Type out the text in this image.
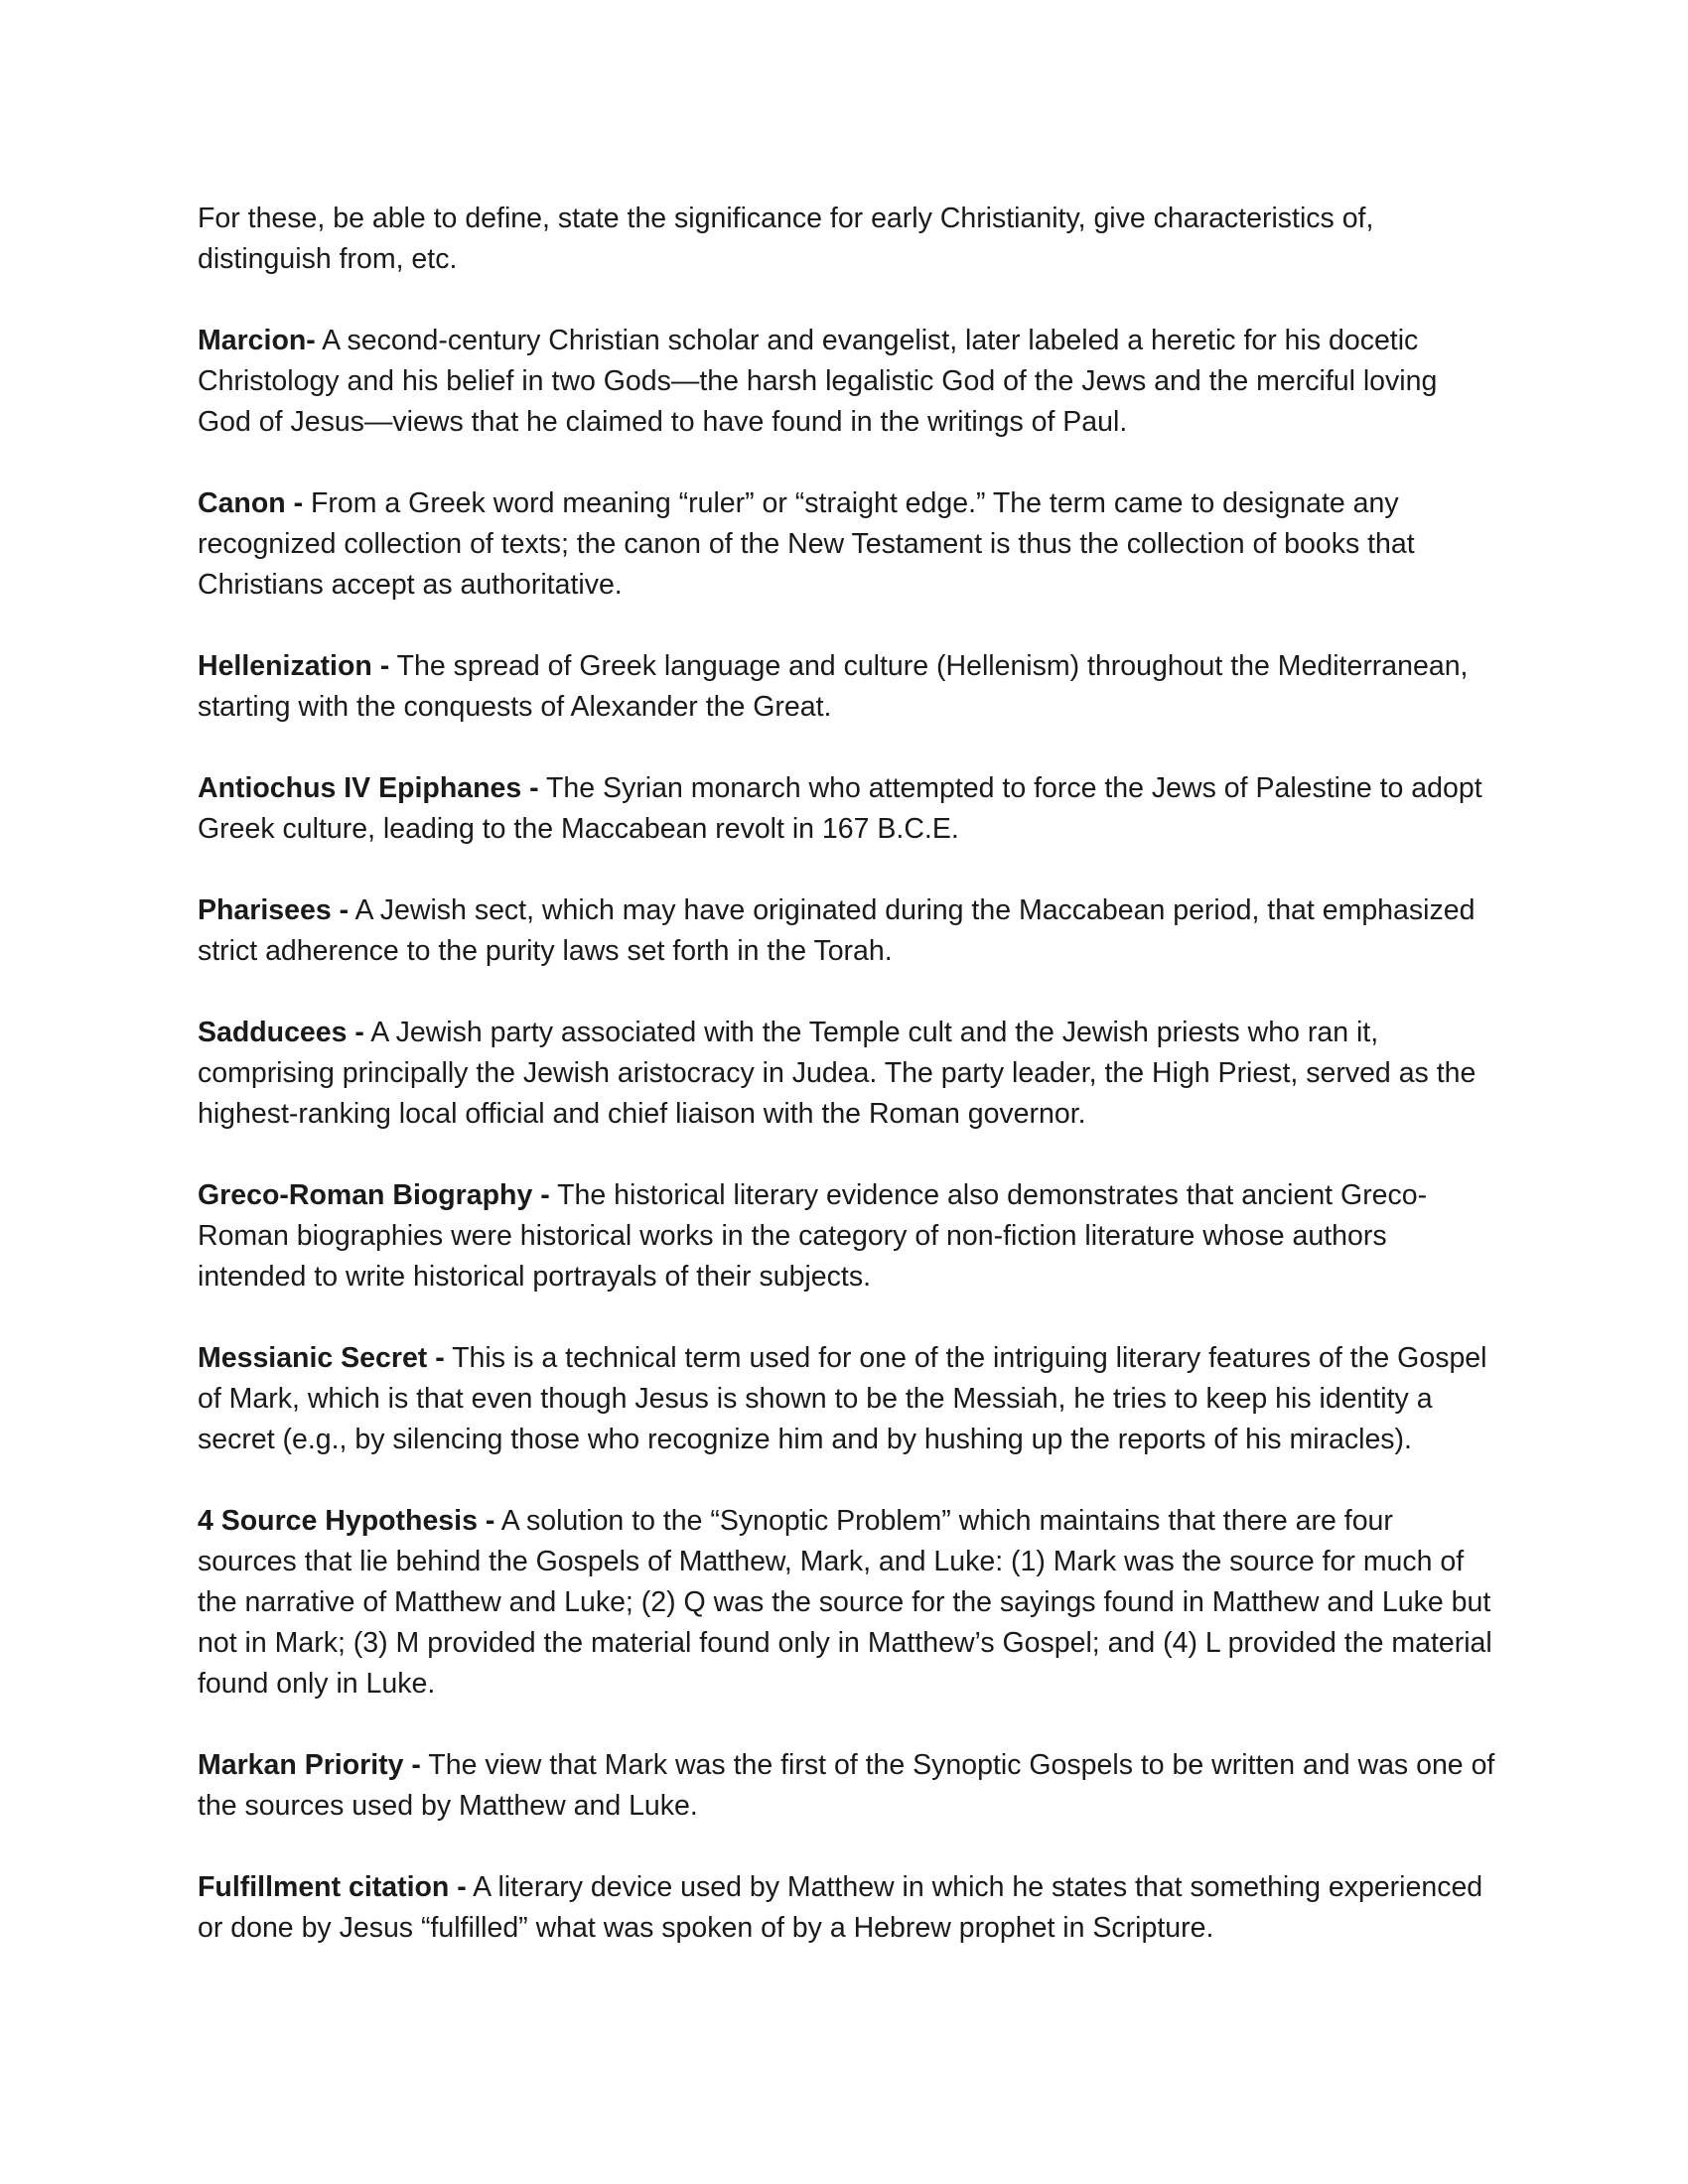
For these, be able to define, state the significance for early Christianity, give characteristics of, distinguish from, etc.

Marcion- A second-century Christian scholar and evangelist, later labeled a heretic for his docetic Christology and his belief in two Gods—the harsh legalistic God of the Jews and the merciful loving God of Jesus—views that he claimed to have found in the writings of Paul.

Canon - From a Greek word meaning “ruler” or “straight edge.” The term came to designate any recognized collection of texts; the canon of the New Testament is thus the collection of books that Christians accept as authoritative.

Hellenization - The spread of Greek language and culture (Hellenism) throughout the Mediterranean, starting with the conquests of Alexander the Great.

Antiochus IV Epiphanes - The Syrian monarch who attempted to force the Jews of Palestine to adopt Greek culture, leading to the Maccabean revolt in 167 B.C.E.

Pharisees - A Jewish sect, which may have originated during the Maccabean period, that emphasized strict adherence to the purity laws set forth in the Torah.

Sadducees - A Jewish party associated with the Temple cult and the Jewish priests who ran it, comprising principally the Jewish aristocracy in Judea. The party leader, the High Priest, served as the highest-ranking local official and chief liaison with the Roman governor.

Greco-Roman Biography - The historical literary evidence also demonstrates that ancient Greco-Roman biographies were historical works in the category of non-fiction literature whose authors intended to write historical portrayals of their subjects.

Messianic Secret - This is a technical term used for one of the intriguing literary features of the Gospel of Mark, which is that even though Jesus is shown to be the Messiah, he tries to keep his identity a secret (e.g., by silencing those who recognize him and by hushing up the reports of his miracles).

4 Source Hypothesis - A solution to the “Synoptic Problem” which maintains that there are four sources that lie behind the Gospels of Matthew, Mark, and Luke: (1) Mark was the source for much of the narrative of Matthew and Luke; (2) Q was the source for the sayings found in Matthew and Luke but not in Mark; (3) M provided the material found only in Matthew’s Gospel; and (4) L provided the material found only in Luke.

Markan Priority - The view that Mark was the first of the Synoptic Gospels to be written and was one of the sources used by Matthew and Luke.

Fulfillment citation - A literary device used by Matthew in which he states that something experienced or done by Jesus “fulfilled” what was spoken of by a Hebrew prophet in Scripture.
